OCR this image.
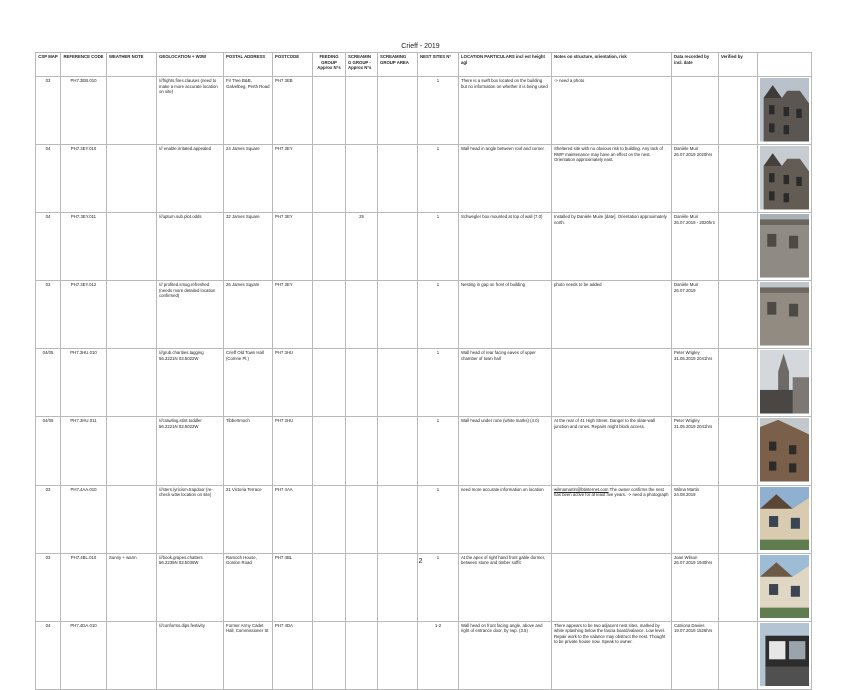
Crieff - 2019
CSP MAP	REFERENCE CODE	WEATHER NOTE	GEOLOCATION + W3W	POSTAL ADDRESS	POSTCODE	FEEDING GROUP Approx N°s	SCREAMIN G GROUP - Approx N°s	SCREAMING GROUP AREA	NEST SITES N°	LOCATION PARTICULARS incl est height agl	Notes on structure, orientation, risk	Data recorded by incl. date	Verified by	
03	PH7.3EB.010		///frights.fires.clauses (need to make a more accurate location on site)	Fir Tree B&B, Galvelbeg, Perth Road	PH7 3EB				1	There is a swift box located on the building but no information on whether it is being used	-> need a photo			
04	PH7.3EY.010		/// enable.irritated.appealed	24 James Square	PH7 3EY				1	Wall head in angle between roof and corner	Sheltered site with no obvious risk to building. Any lack of RWP maintenance may have an effect on the nest. Orientation approximately east.	Danièle Muir 26.07.2019 2020hrs		
04	PH7.3EY.011		///upturn.sub.plot.odds	32 James Square	PH7 3EY		25		1	Schwegler box mounted at top of wall (7.0)	Installed by Danièle Muire [date]. Orientation approximately north.	Danièle Muir 26.07.2019 - 2020hrs		
03	PH7.3EY.012		/// profited.smug.refreshed (needs more detailed location confirmed)	26 James Sqyare	PH7 3EY				1	Nesting in gap on front of building	photo needs to be added	Danièle Muir 26.07.2019		
04/05	PH7.3HU.010		///grub.charities.tagging 56.2221N 03.5022W	Crieff Old Town Hall (Comrie Pl.)	PH7 3HU				1	Wall head of rear facing eaves of upper chamber of town hall		Peter Wrigley 31.05.2019 2041hrs		
04/05	PH7.3HU.011		///crawling.stint.toddler 56.2221N 03.5022W	Tibbertmoch	PH7 3HU				1	Wall head under rone (white marks) (4.0)	At the rear of 41 High Street. Danger to the slate-wall junction and rones. Repairs might block access.	Peter Wrigley 31.05.2019 2041hrs		
03	PH7.4AA.010		///stern.lyricism.trapdoor (re-check w3w location on site)	21 Victoria Terrace	PH7 4AA				1	need more accurate information on location	wilmamartin@btinternet.com The owner confirms the nest has been active for at least five years. -> need a photograph	Wilma Martin 24.08.2019		
03	PH7.4BL.010	Sunny + warm	///book.grapes.chatters 56.2235N 03.5036W	Ramoch House, Gordon Road	PH7 4BL				1	At the apex of right hand front gable dormer, between stone and timber soffit		Joan Wilson 26.07.2019 1940hrs		
04	PH7.4DA.010		///conforms.dips.festivity	Former Army Cadet Hall, Commissioner St	PH7 4DA				1-2	Wall head on front facing angle, above and right of entrance door, by rwp. (3.5)	There appears to be two adjacent nest sites, marked by white splashing below the fascia board/valance. Low level. Repair work to the valance may obstruct the nest. Thought to be private house now. Speak to owner.	Catriona Davies 19.07.2019 1526hrs		
2
